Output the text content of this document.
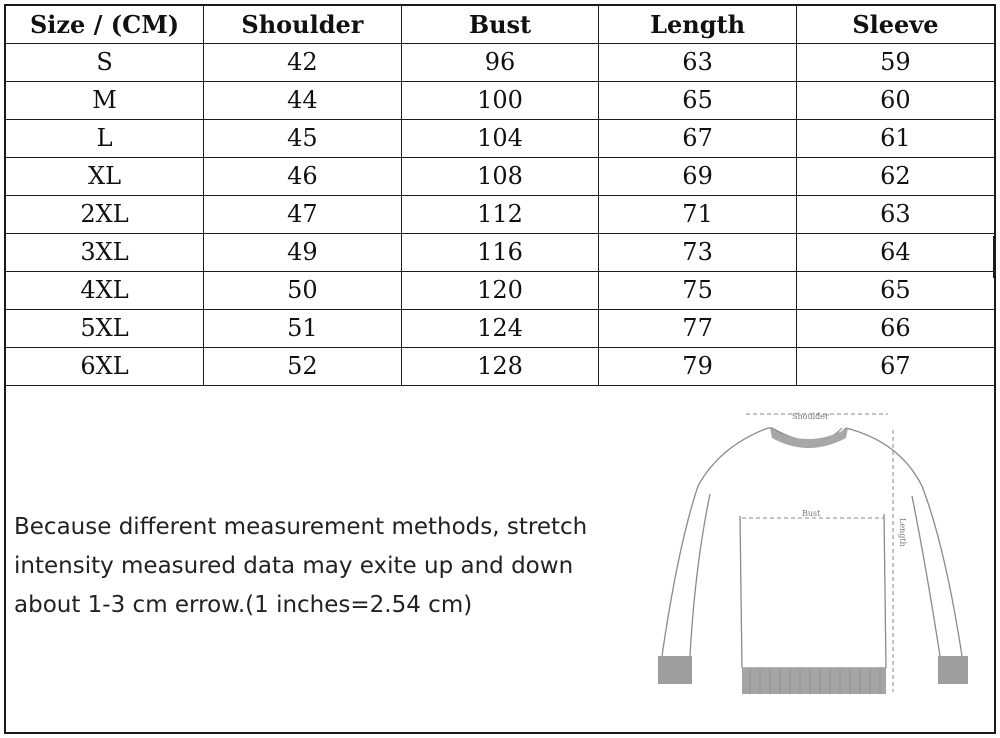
Size / (CM)	Shoulder	Bust	Length	Sleeve
S	42	96	63	59
M	44	100	65	60
L	45	104	67	61
XL	46	108	69	62
2XL	47	112	71	63
3XL	49	116	73	64
4XL	50	120	75	65
5XL	51	124	77	66
6XL	52	128	79	67
Because different measurement methods, stretch
intensity measured data may exite up and down
about 1-3 cm errow.(1 inches=2.54 cm)
Shoulder
Bust
Length
